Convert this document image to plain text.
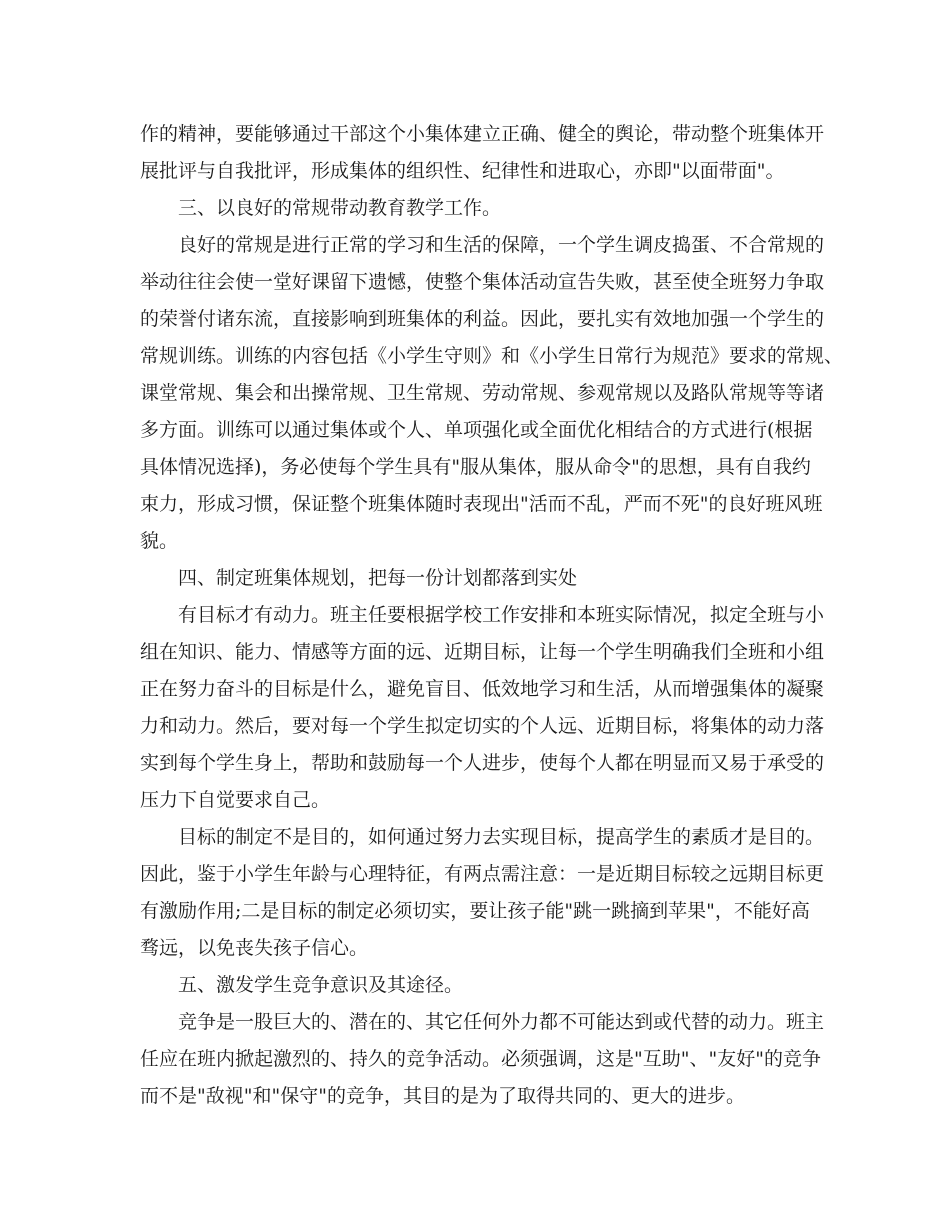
作的精神，要能够通过干部这个小集体建立正确、健全的舆论，带动整个班集体开
展批评与自我批评，形成集体的组织性、纪律性和进取心，亦即"以面带面"。
三、以良好的常规带动教育教学工作。
良好的常规是进行正常的学习和生活的保障，一个学生调皮捣蛋、不合常规的
举动往往会使一堂好课留下遗憾，使整个集体活动宣告失败，甚至使全班努力争取
的荣誉付诸东流，直接影响到班集体的利益。因此，要扎实有效地加强一个学生的
常规训练。训练的内容包括《小学生守则》和《小学生日常行为规范》要求的常规、
课堂常规、集会和出操常规、卫生常规、劳动常规、参观常规以及路队常规等等诸
多方面。训练可以通过集体或个人、单项强化或全面优化相结合的方式进行(根据
具体情况选择)，务必使每个学生具有"服从集体，服从命令"的思想，具有自我约
束力，形成习惯，保证整个班集体随时表现出"活而不乱，严而不死"的良好班风班
貌。
四、制定班集体规划，把每一份计划都落到实处
有目标才有动力。班主任要根据学校工作安排和本班实际情况，拟定全班与小
组在知识、能力、情感等方面的远、近期目标，让每一个学生明确我们全班和小组
正在努力奋斗的目标是什么，避免盲目、低效地学习和生活，从而增强集体的凝聚
力和动力。然后，要对每一个学生拟定切实的个人远、近期目标，将集体的动力落
实到每个学生身上，帮助和鼓励每一个人进步，使每个人都在明显而又易于承受的
压力下自觉要求自己。
目标的制定不是目的，如何通过努力去实现目标，提高学生的素质才是目的。
因此，鉴于小学生年龄与心理特征，有两点需注意：一是近期目标较之远期目标更
有激励作用;二是目标的制定必须切实，要让孩子能"跳一跳摘到苹果"，不能好高
骛远，以免丧失孩子信心。
五、激发学生竞争意识及其途径。
竞争是一股巨大的、潜在的、其它任何外力都不可能达到或代替的动力。班主
任应在班内掀起激烈的、持久的竞争活动。必须强调，这是"互助"、"友好"的竞争
而不是"敌视"和"保守"的竞争，其目的是为了取得共同的、更大的进步。
